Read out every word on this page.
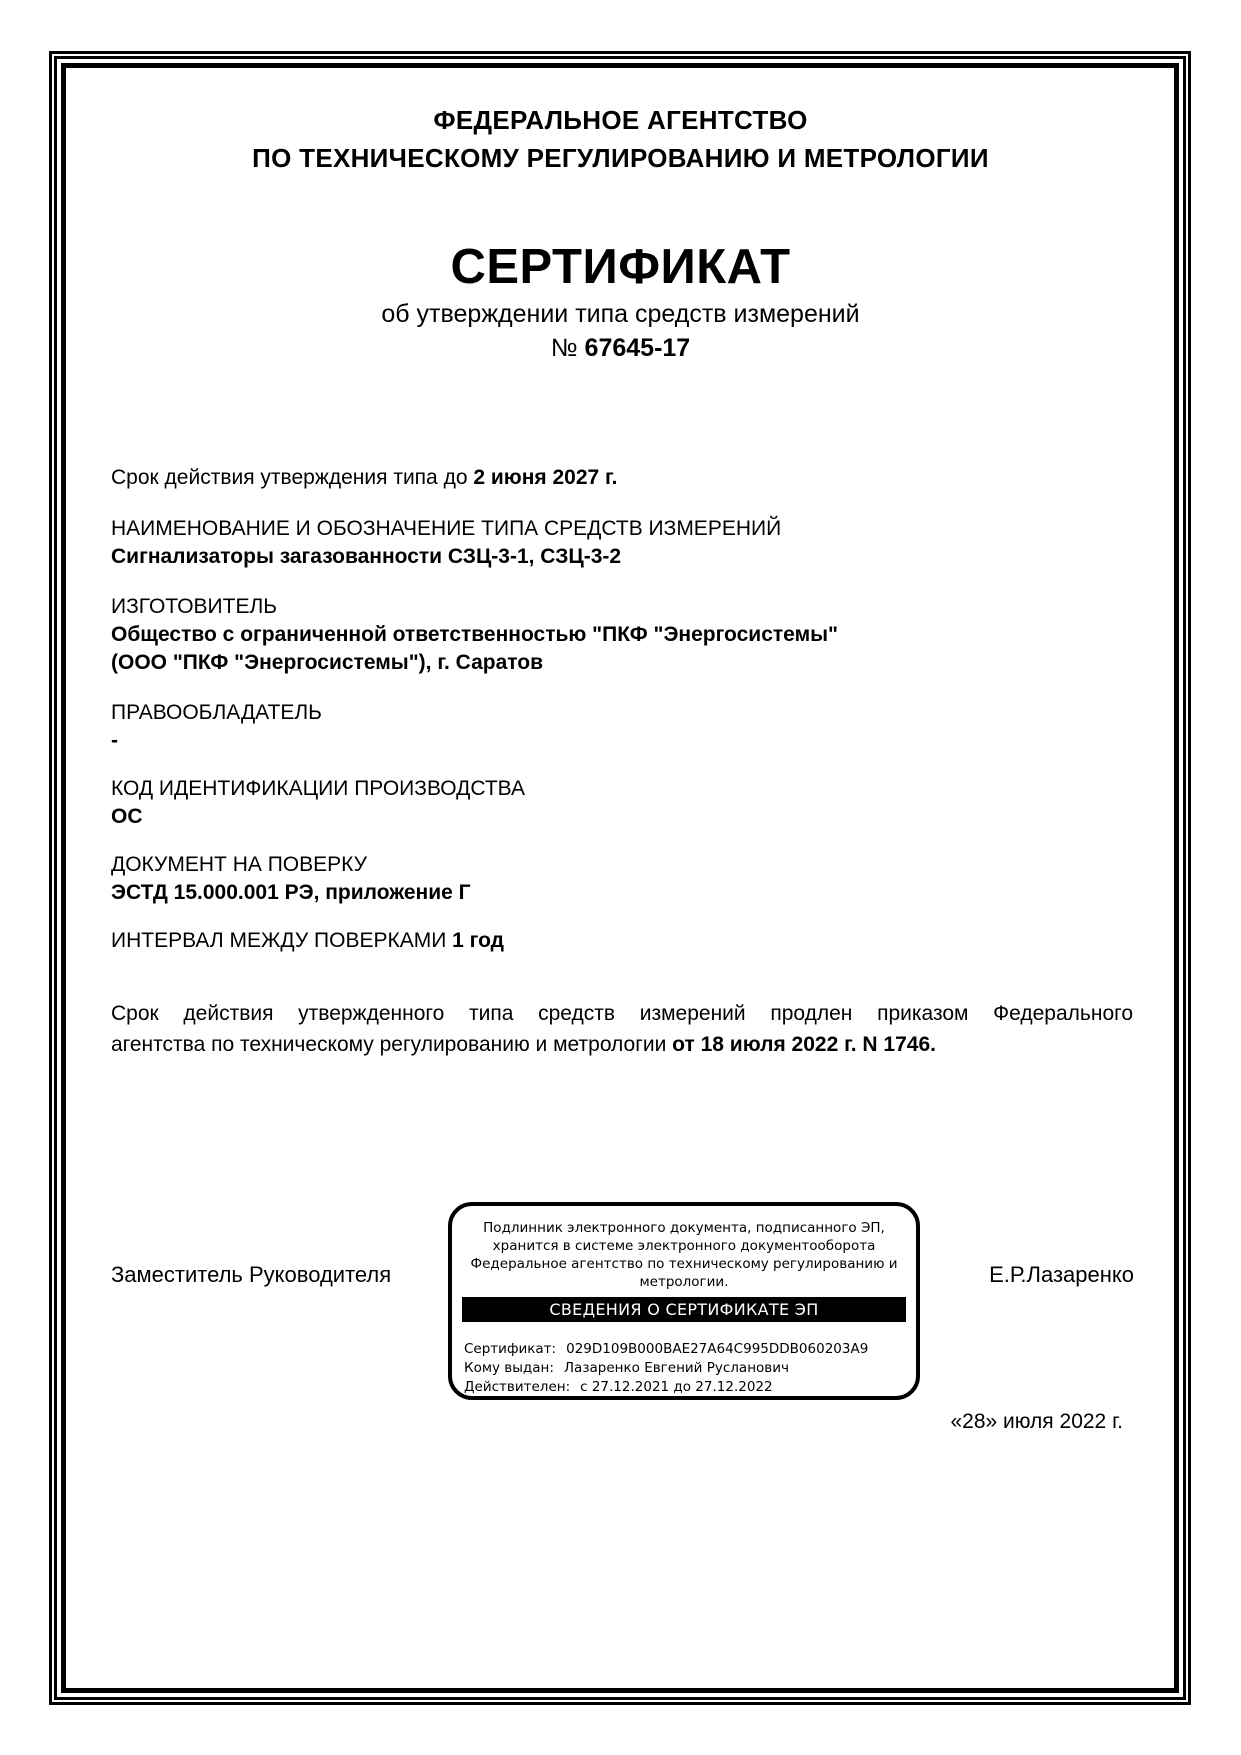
ФЕДЕРАЛЬНОЕ АГЕНТСТВО
ПО ТЕХНИЧЕСКОМУ РЕГУЛИРОВАНИЮ И МЕТРОЛОГИИ
СЕРТИФИКАТ
об утверждении типа средств измерений
№ 67645-17
Срок действия утверждения типа до 2 июня 2027 г.
НАИМЕНОВАНИЕ И ОБОЗНАЧЕНИЕ ТИПА СРЕДСТВ ИЗМЕРЕНИЙ
Сигнализаторы загазованности СЗЦ-3-1, СЗЦ-3-2
ИЗГОТОВИТЕЛЬ
Общество с ограниченной ответственностью "ПКФ "Энергосистемы"
(ООО "ПКФ "Энергосистемы"), г. Саратов
ПРАВООБЛАДАТЕЛЬ
-
КОД ИДЕНТИФИКАЦИИ ПРОИЗВОДСТВА
ОС
ДОКУМЕНТ НА ПОВЕРКУ
ЭСТД 15.000.001 РЭ, приложение Г
ИНТЕРВАЛ МЕЖДУ ПОВЕРКАМИ 1 год
Срок действия утвержденного типа средств измерений продлен приказом Федерального
агентства по техническому регулированию и метрологии от 18 июля 2022 г. N 1746.
Заместитель Руководителя	Е.Р.Лазаренко
Подлинник электронного документа, подписанного ЭП,
хранится в системе электронного документооборота
Федеральное агентство по техническому регулированию и
метрологии.
СВЕДЕНИЯ О СЕРТИФИКАТЕ ЭП
Сертификат: 029D109B000BAE27A64C995DDB060203A9
Кому выдан: Лазаренко Евгений Русланович
Действителен: с 27.12.2021 до 27.12.2022
«28» июля 2022 г.
